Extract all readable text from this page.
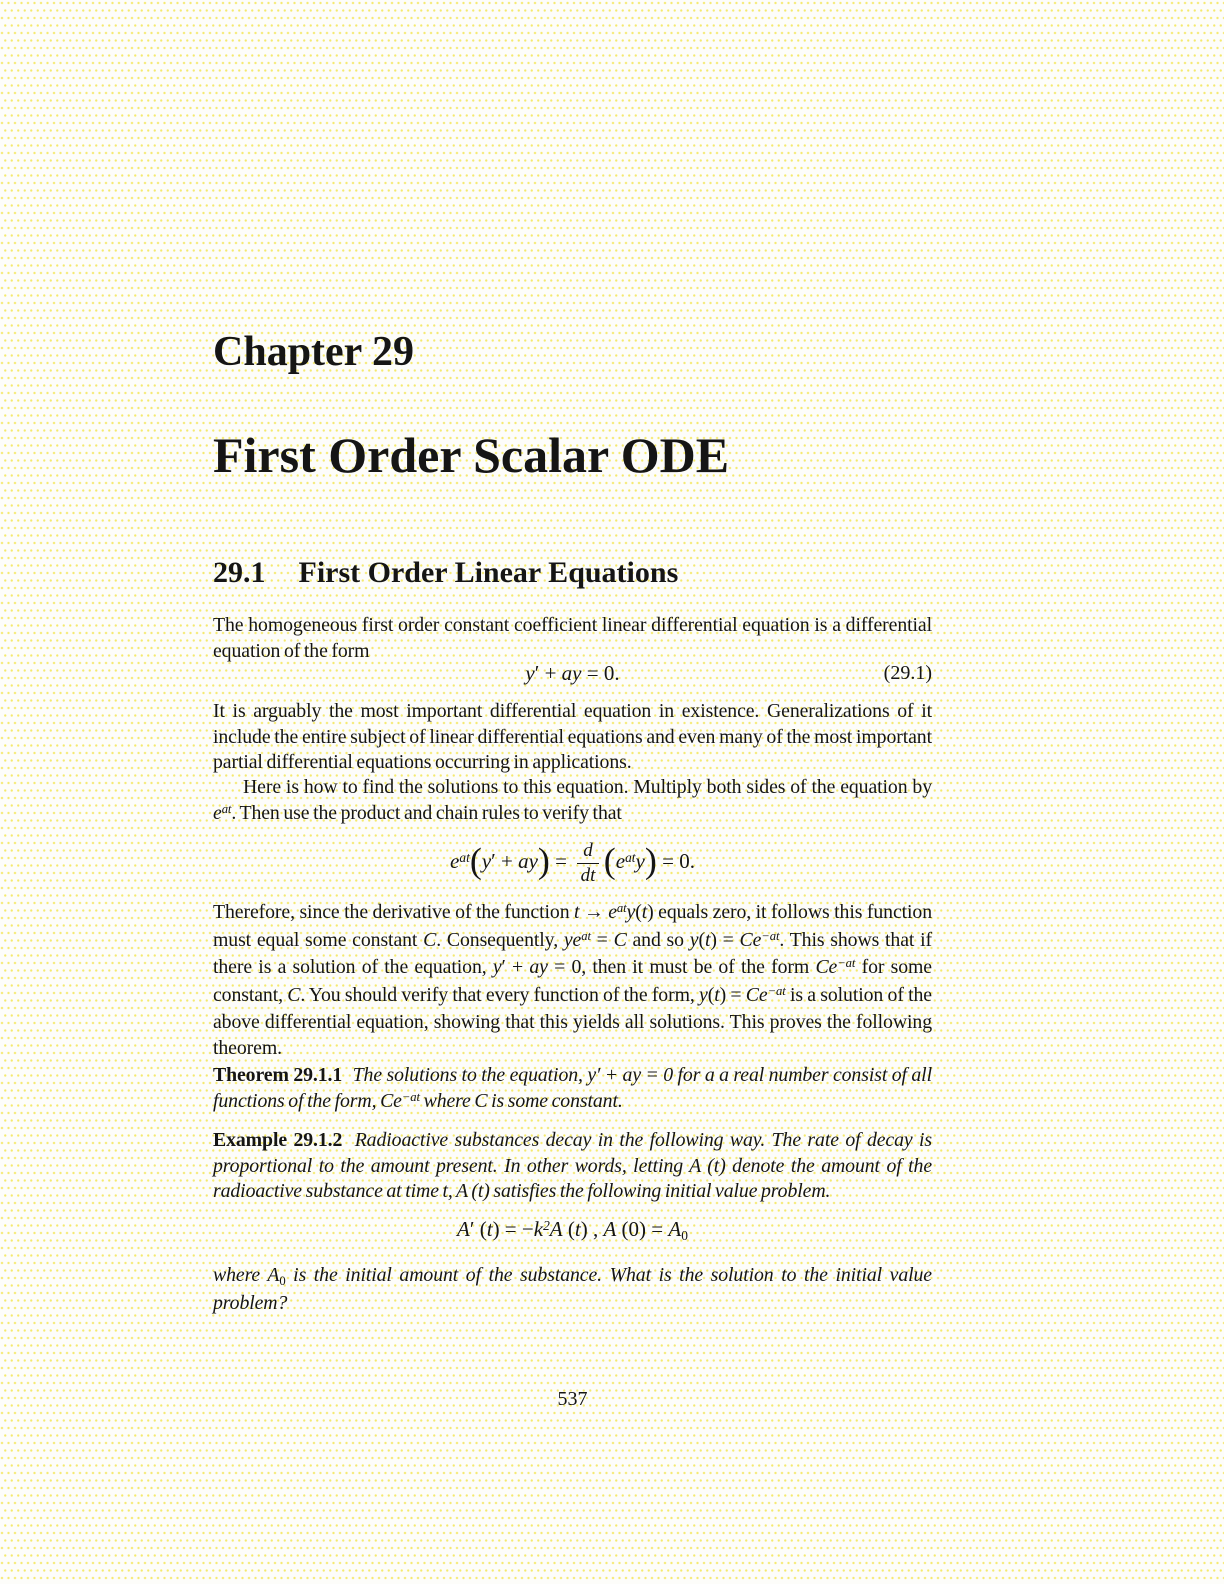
Chapter 29
First Order Scalar ODE
29.1 First Order Linear Equations

The homogeneous first order constant coefficient linear differential equation is a differential equation of the form

y′ + ay = 0.	(29.1)

It is arguably the most important differential equation in existence. Generalizations of it include the entire subject of linear differential equations and even many of the most important partial differential equations occurring in applications.

Here is how to find the solutions to this equation. Multiply both sides of the equation by $e^{at}$. Then use the product and chain rules to verify that

$e^{at}(y' + ay) = \frac{d}{dt} (e^{at}y) = 0$.

Therefore, since the derivative of the function $t \to e^{at}y(t)$ equals zero, it follows this function must equal some constant C. Consequently, $ye^{at} = C$ and so $y(t) = Ce^{-at}$. This shows that if there is a solution of the equation, y′ + ay = 0, then it must be of the form $Ce^{-at}$ for some constant, C. You should verify that every function of the form, $y(t) = Ce^{-at}$ is a solution of the above differential equation, showing that this yields all solutions. This proves the following theorem.

Theorem 29.1.1 The solutions to the equation, y′ + ay = 0 for a a real number consist of all functions of the form, $Ce^{-at}$ where C is some constant.

Example 29.1.2 Radioactive substances decay in the following way. The rate of decay is proportional to the amount present. In other words, letting A (t) denote the amount of the radioactive substance at time t, A (t) satisfies the following initial value problem.

A′ $(t) = -k^2A$ (t) , A (0) = A0

where A0 is the initial amount of the substance. What is the solution to the initial value problem?

537
